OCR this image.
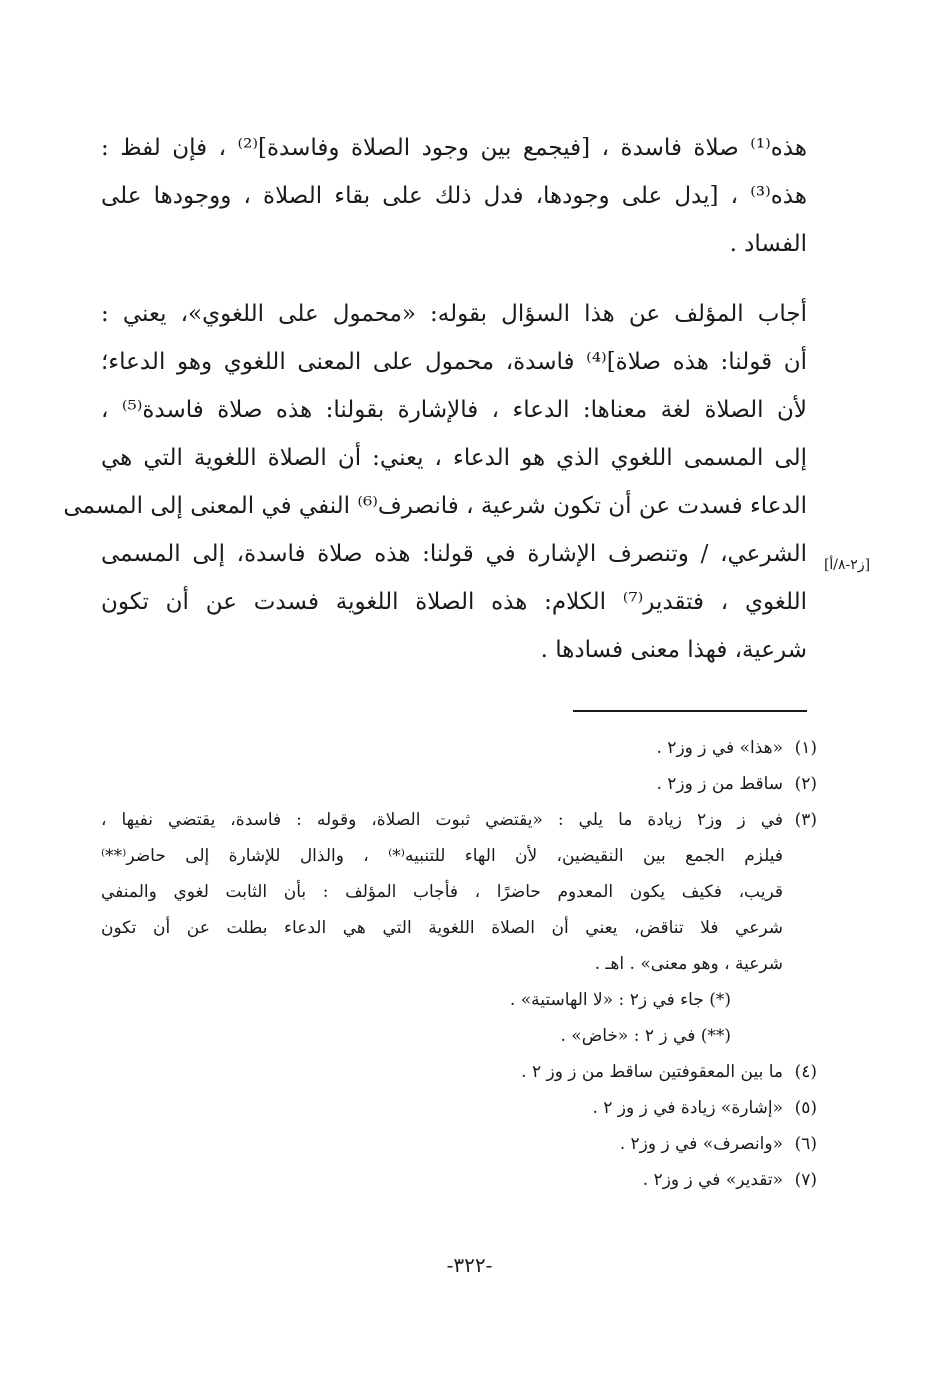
هذه⁽¹⁾ صلاة فاسدة ، [فيجمع بين وجود الصلاة وفاسدة]⁽²⁾ ، فإن لفظ :
هذه⁽³⁾ ، [يدل على وجودها، فدل ذلك على بقاء الصلاة ، ووجودها على
الفساد .
أجاب المؤلف عن هذا السؤال بقوله: «محمول على اللغوي»، يعني :
أن قولنا: هذه صلاة]⁽⁴⁾ فاسدة، محمول على المعنى اللغوي وهو الدعاء؛
لأن الصلاة لغة معناها: الدعاء ، فالإشارة بقولنا: هذه صلاة فاسدة⁽⁵⁾ ،
إلى المسمى اللغوي الذي هو الدعاء ، يعني: أن الصلاة اللغوية التي هي
الدعاء فسدت عن أن تكون شرعية ، فانصرف⁽⁶⁾ النفي في المعنى إلى المسمى
الشرعي، / وتنصرف الإشارة في قولنا: هذه صلاة فاسدة، إلى المسمى
اللغوي ، فتقدير⁽⁷⁾ الكلام: هذه الصلاة اللغوية فسدت عن أن تكون
شرعية، فهذا معنى فسادها .
[ز٢-٨/أ]
(١)
«هذا» في ز وز٢ .
(٢)
ساقط من ز وز٢ .
(٣)
في ز وز٢ زيادة ما يلي : «يقتضي ثبوت الصلاة، وقوله : فاسدة، يقتضي نفيها ،
فيلزم الجمع بين النقيضين، لأن الهاء للتنبيه⁽*⁾ ، والذال للإشارة إلى حاضر⁽**⁾
قريب، فكيف يكون المعدوم حاضرًا ، فأجاب المؤلف : بأن الثابت لغوي والمنفي
شرعي فلا تناقض، يعني أن الصلاة اللغوية التي هي الدعاء بطلت عن أن تكون
شرعية ، وهو معنى» . اهـ .
(*) جاء في ز٢ : «لا الهاستية» .
(**) في ز ٢ : «خاض» .
(٤)
ما بين المعقوفتين ساقط من ز وز ٢ .
(٥)
«إشارة» زيادة في ز وز ٢ .
(٦)
«وانصرف» في ز وز٢ .
(٧)
«تقدير» في ز وز٢ .
-٣٢٢-
